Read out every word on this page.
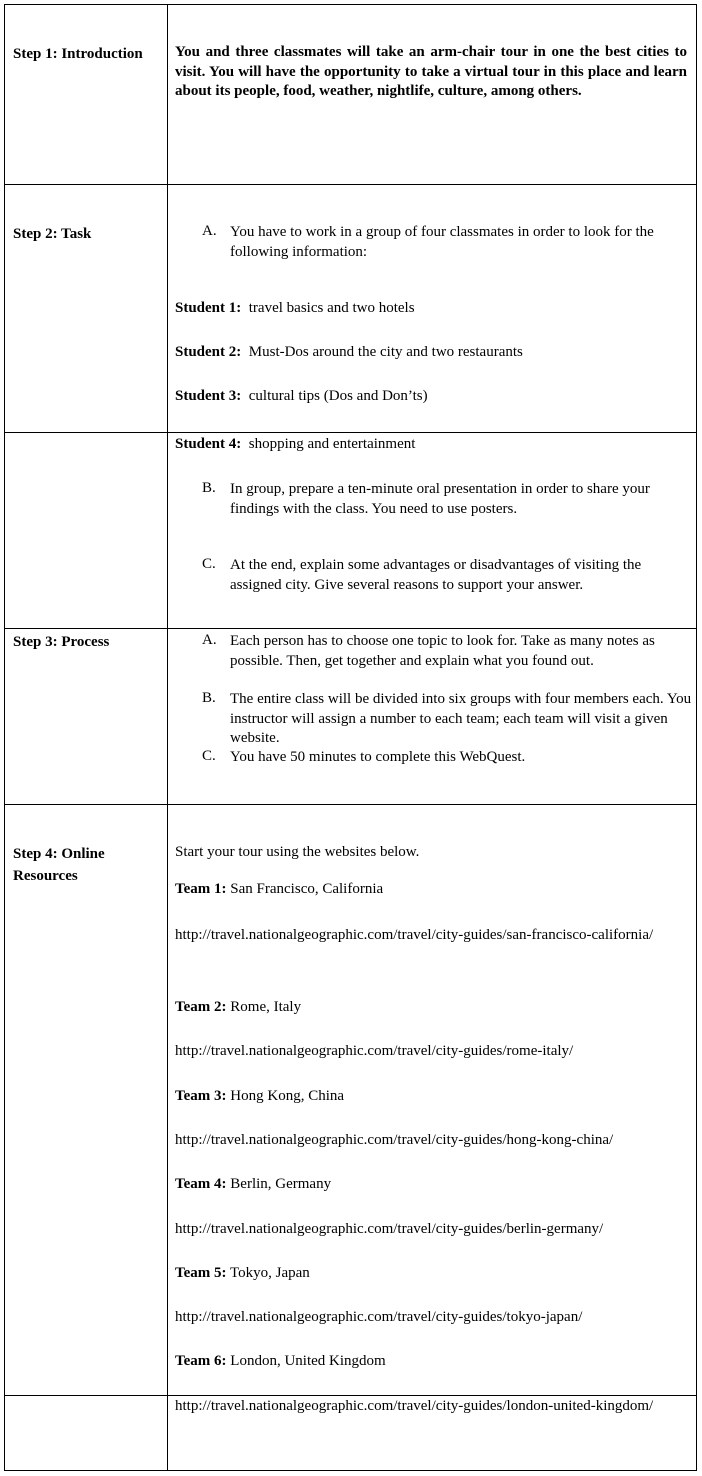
Step 1: Introduction You and three classmates will take an arm-chair tour in one the best cities to visit. You will have the opportunity to take a virtual tour in this place and learn about its people, food, weather, nightlife, culture, among others.
Step 2: Task	A. You have to work in a group of four classmates in order to look for the following information:
Student 1: travel basics and two hotels
Student 2: Must-Dos around the city and two restaurants
Student 3: cultural tips (Dos and Don’ts)
Student 4: shopping and entertainment
B. In group, prepare a ten-minute oral presentation in order to share your findings with the class. You need to use posters.
C. At the end, explain some advantages or disadvantages of visiting the assigned city. Give several reasons to support your answer.
Step 3: Process	A. Each person has to choose one topic to look for. Take as many notes as possible. Then, get together and explain what you found out.
B. The entire class will be divided into six groups with four members each. You instructor will assign a number to each team; each team will visit a given website.
C. You have 50 minutes to complete this WebQuest.
Step 4: Online Resources
Start your tour using the websites below.
Team 1: San Francisco, California
http://travel.nationalgeographic.com/travel/city-guides/san-francisco-california/
Team 2: Rome, Italy
http://travel.nationalgeographic.com/travel/city-guides/rome-italy/
Team 3: Hong Kong, China
http://travel.nationalgeographic.com/travel/city-guides/hong-kong-china/
Team 4: Berlin, Germany
http://travel.nationalgeographic.com/travel/city-guides/berlin-germany/
Team 5: Tokyo, Japan
http://travel.nationalgeographic.com/travel/city-guides/tokyo-japan/
Team 6: London, United Kingdom
http://travel.nationalgeographic.com/travel/city-guides/london-united-kingdom/
